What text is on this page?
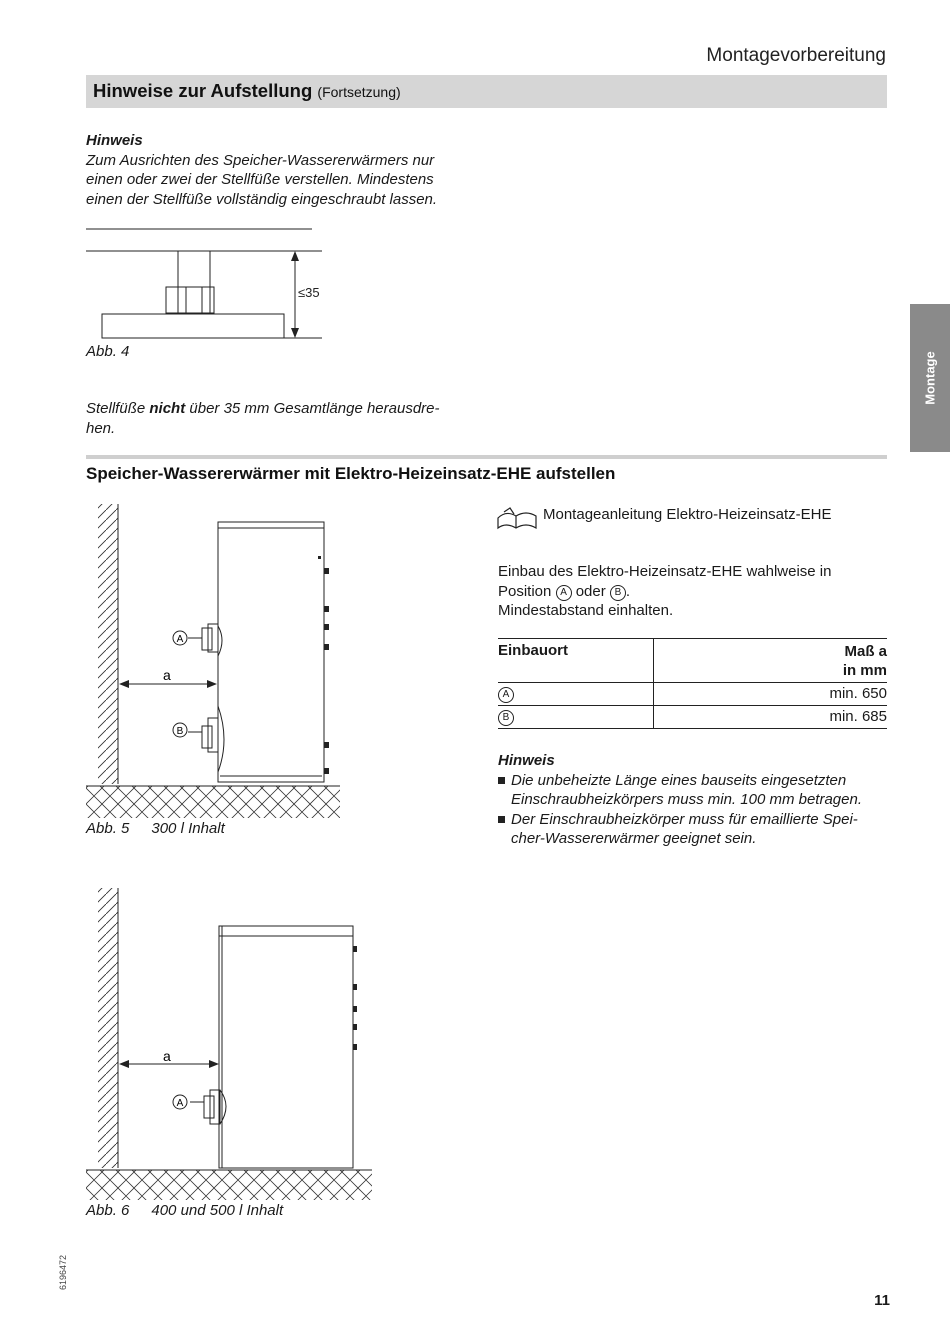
Montagevorbereitung
Hinweise zur Aufstellung (Fortsetzung)
Hinweis
Zum Ausrichten des Speicher-Wassererwärmers nur
einen oder zwei der Stellfüße verstellen. Mindestens
einen der Stellfüße vollständig eingeschraubt lassen.
≤35
Abb. 4
Stellfüße nicht über 35 mm Gesamtlänge herausdre-
hen.
Montage
Speicher-Wassererwärmer mit Elektro-Heizeinsatz-EHE aufstellen
A
B
a
Abb. 5 300 l Inhalt
A
a
Abb. 6 400 und 500 l Inhalt
Montageanleitung Elektro-Heizeinsatz-EHE
Einbau des Elektro-Heizeinsatz-EHE wahlweise in
Position A oder B .
Mindestabstand einhalten.
Einbauort	Maß a
in mm

A	min. 650
B	min. 685
Hinweis
Die unbeheizte Länge eines bauseits eingesetzten
Einschraubheizkörpers muss min. 100 mm betragen.
Der Einschraubheizkörper muss für emaillierte Spei-
cher-Wassererwärmer geeignet sein.
6196472
11
